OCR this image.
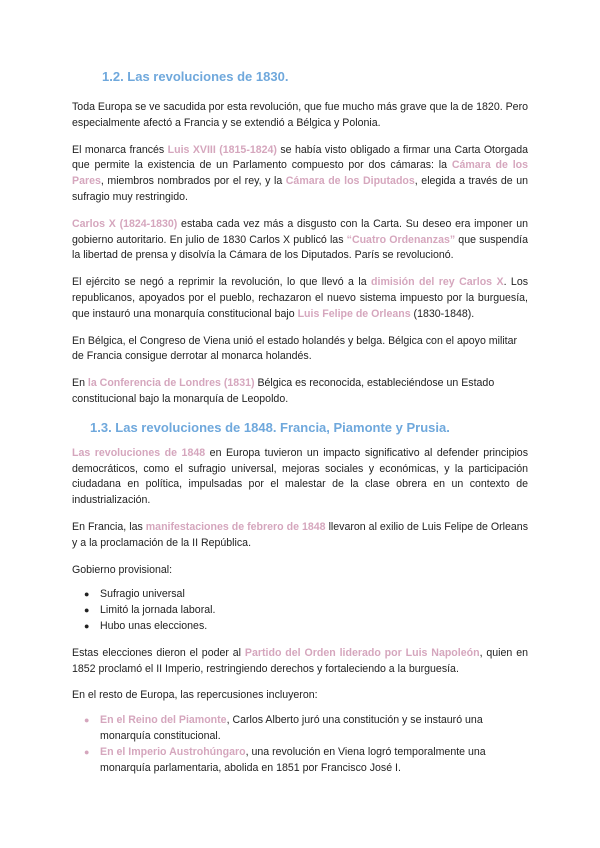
1.2. Las revoluciones de 1830.

Toda Europa se ve sacudida por esta revolución, que fue mucho más grave que la de 1820. Pero especialmente afectó a Francia y se extendió a Bélgica y Polonia.

El monarca francés Luis XVIII (1815-1824) se había visto obligado a firmar una Carta Otorgada que permite la existencia de un Parlamento compuesto por dos cámaras: la Cámara de los Pares, miembros nombrados por el rey, y la Cámara de los Diputados, elegida a través de un sufragio muy restringido.

Carlos X (1824-1830) estaba cada vez más a disgusto con la Carta. Su deseo era imponer un gobierno autoritario. En julio de 1830 Carlos X publicó las “Cuatro Ordenanzas” que suspendía la libertad de prensa y disolvía la Cámara de los Diputados. París se revolucionó.

El ejército se negó a reprimir la revolución, lo que llevó a la dimisión del rey Carlos X. Los republicanos, apoyados por el pueblo, rechazaron el nuevo sistema impuesto por la burguesía, que instauró una monarquía constitucional bajo Luis Felipe de Orleans (1830-1848).

En Bélgica, el Congreso de Viena unió el estado holandés y belga. Bélgica con el apoyo militar de Francia consigue derrotar al monarca holandés.

En la Conferencia de Londres (1831) Bélgica es reconocida, estableciéndose un Estado constitucional bajo la monarquía de Leopoldo.

1.3. Las revoluciones de 1848. Francia, Piamonte y Prusia.

Las revoluciones de 1848 en Europa tuvieron un impacto significativo al defender principios democráticos, como el sufragio universal, mejoras sociales y económicas, y la participación ciudadana en política, impulsadas por el malestar de la clase obrera en un contexto de industrialización.

En Francia, las manifestaciones de febrero de 1848 llevaron al exilio de Luis Felipe de Orleans y a la proclamación de la II República.

Gobierno provisional:

● Sufragio universal
● Limitó la jornada laboral.
● Hubo unas elecciones.

Estas elecciones dieron el poder al Partido del Orden liderado por Luis Napoleón, quien en 1852 proclamó el II Imperio, restringiendo derechos y fortaleciendo a la burguesía.

En el resto de Europa, las repercusiones incluyeron:

● En el Reino del Piamonte, Carlos Alberto juró una constitución y se instauró una monarquía constitucional.
● En el Imperio Austrohúngaro, una revolución en Viena logró temporalmente una monarquía parlamentaria, abolida en 1851 por Francisco José I.
